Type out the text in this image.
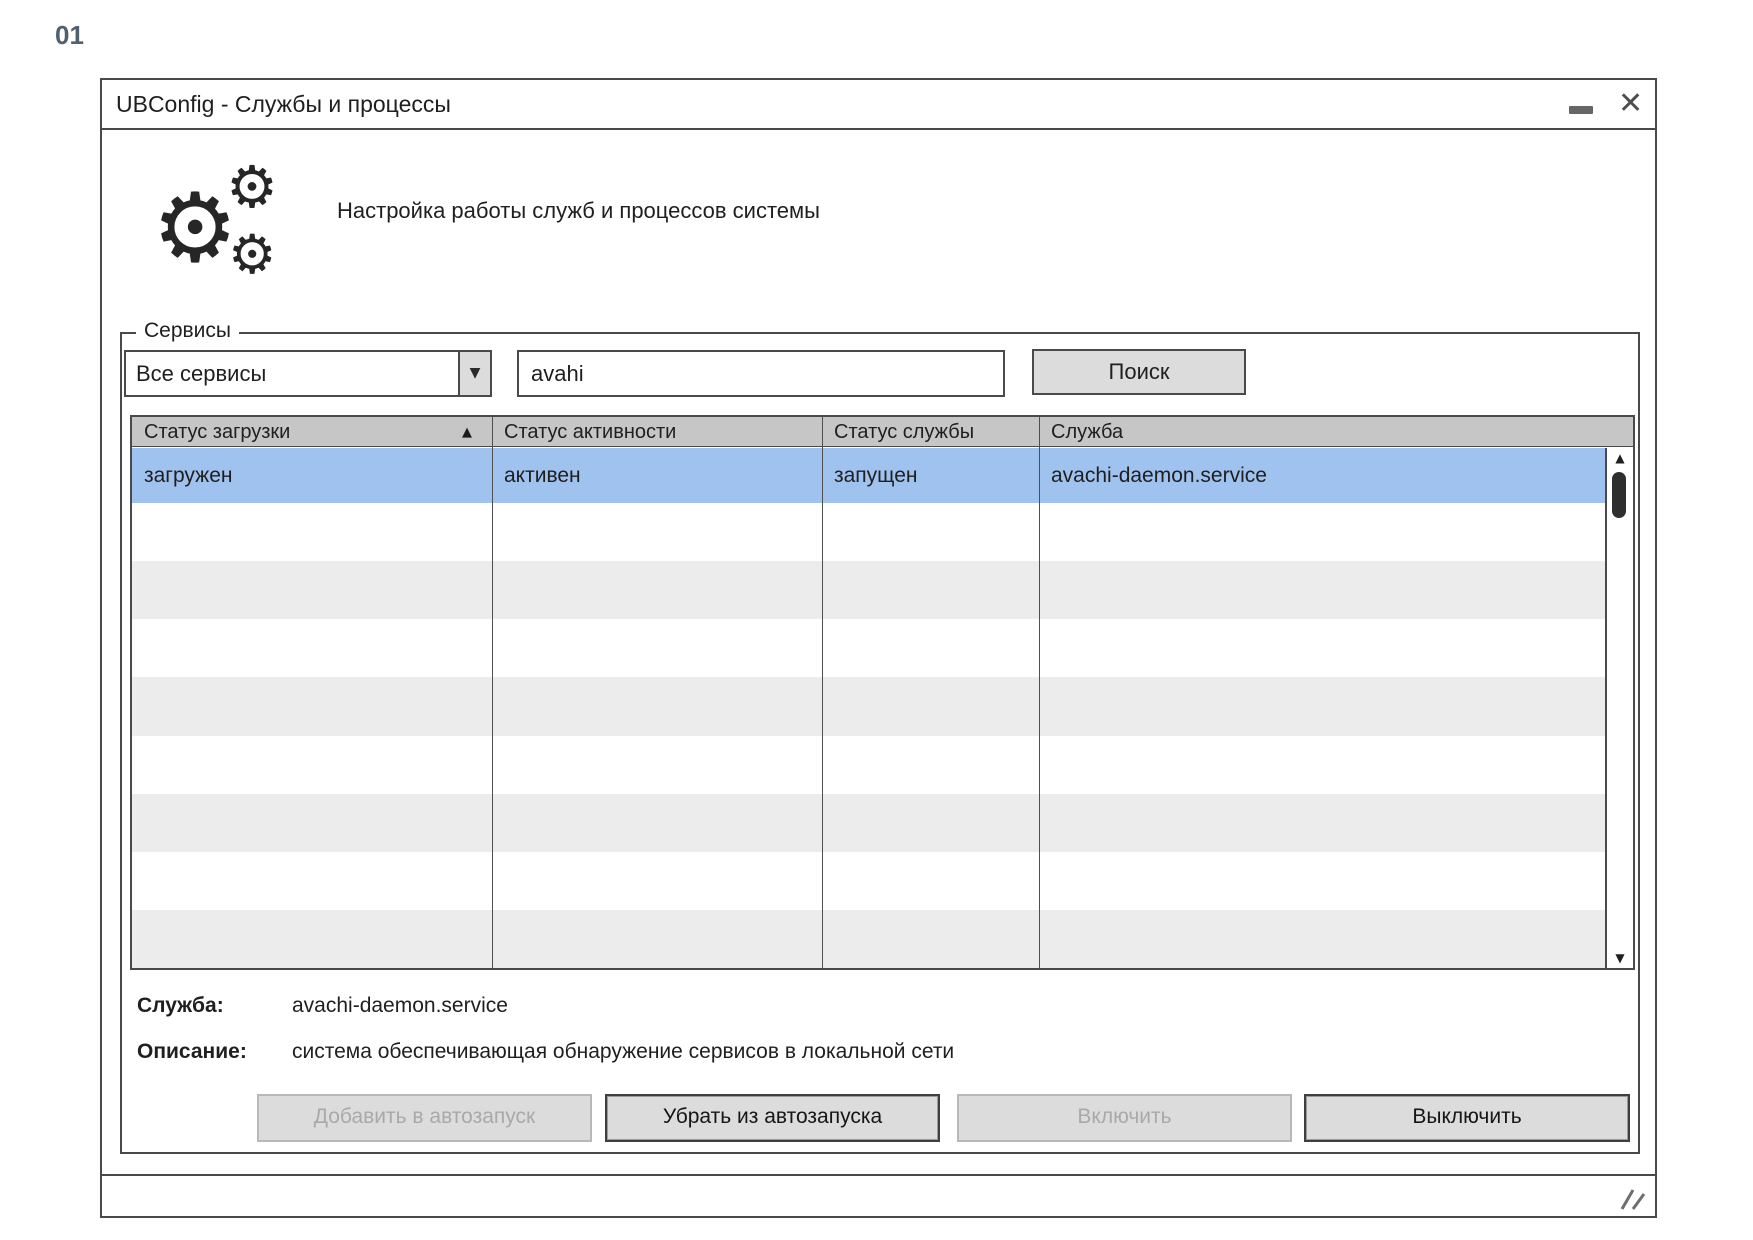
01
UBConfig - Службы и процессы	✕
⚙
⚙
⚙
Настройка работы служб и процессов системы
Сервисы
Все сервисы	▼
avahi	Поиск
Статус загрузки	▲ Статус активности	Статус службы	Служба
загружен	активен	запущен	avachi-daemon.service
▲
▼
Служба:	avachi-daemon.service
Описание: система обеспечивающая обнаружение сервисов в локальной сети
Добавить в автозапуск	Убрать из автозапуска	Включить	Выключить
